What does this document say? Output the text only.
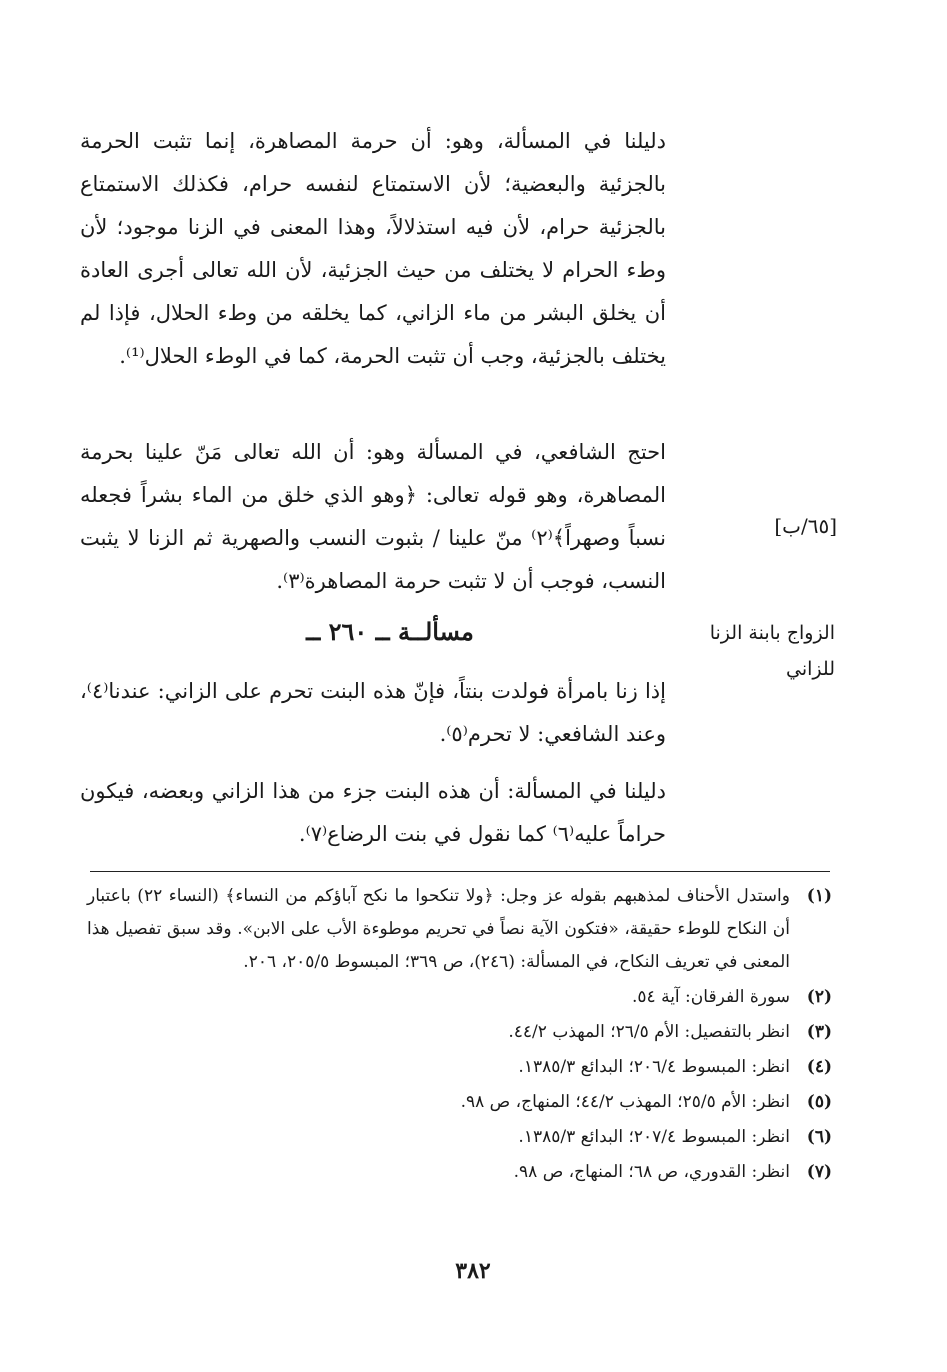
دليلنا في المسألة، وهو: أن حرمة المصاهرة، إنما تثبت الحرمة بالجزئية والبعضية؛ لأن الاستمتاع لنفسه حرام، فكذلك الاستمتاع بالجزئية حرام، لأن فيه استذلالاً، وهذا المعنى في الزنا موجود؛ لأن وطء الحرام لا يختلف من حيث الجزئية، لأن الله تعالى أجرى العادة أن يخلق البشر من ماء الزاني، كما يخلقه من وطء الحلال، فإذا لم يختلف بالجزئية، وجب أن تثبت الحرمة، كما في الوطء الحلال⁽¹⁾.

احتج الشافعي، في المسألة وهو: أن الله تعالى مَنّ علينا بحرمة المصاهرة، وهو قوله تعالى: ﴿وهو الذي خلق من الماء بشراً فجعله نسباً وصهراً﴾⁽٢⁾ منّ علينا / بثبوت النسب والصهرية ثم الزنا لا يثبت النسب، فوجب أن لا تثبت حرمة المصاهرة⁽٣⁾.

[٦٥/ب]
مسألــة ــ ٢٦٠ ــ	الزواج بابنة الزنا للزاني

إذا زنا بامرأة فولدت بنتاً، فإنّ هذه البنت تحرم على الزاني: عندنا⁽٤⁾، وعند الشافعي: لا تحرم⁽٥⁾.

دليلنا في المسألة: أن هذه البنت جزء من هذا الزاني وبعضه، فيكون حراماً عليه⁽٦⁾ كما نقول في بنت الرضاع⁽٧⁾.

(١)
واستدل الأحناف لمذهبهم بقوله عز وجل: ﴿ولا تنكحوا ما نكح آباؤكم من النساء﴾ (النساء ٢٢) باعتبار أن النكاح للوطء حقيقة، «فتكون الآية نصاً في تحريم موطوءة الأب على الابن». وقد سبق تفصيل هذا المعنى في تعريف النكاح، في المسألة: (٢٤٦)، ص ٣٦٩؛ المبسوط ٢٠٥/٥، ٢٠٦.
(٢)
سورة الفرقان: آية ٥٤.
(٣)
انظر بالتفصيل: الأم ٢٦/٥؛ المهذب ٤٤/٢.
(٤)
انظر: المبسوط ٢٠٦/٤؛ البدائع ١٣٨٥/٣.
(٥)
انظر: الأم ٢٥/٥؛ المهذب ٤٤/٢؛ المنهاج، ص ٩٨.
(٦)
انظر: المبسوط ٢٠٧/٤؛ البدائع ١٣٨٥/٣.
(٧)
انظر: القدوري، ص ٦٨؛ المنهاج، ص ٩٨.
٣٨٢
